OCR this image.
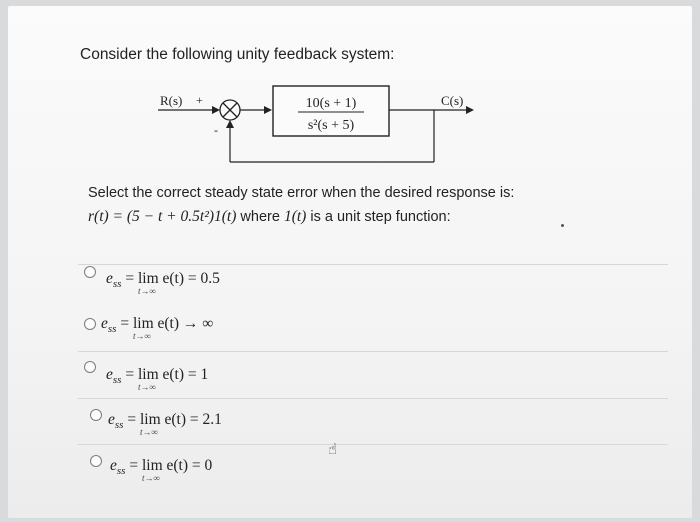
Consider the following unity feedback system:
R(s) +
-
10(s + 1)
s²(s + 5)
C(s)
Select the correct steady state error when the desired response is:
r(t) = (5 − t + 0.5t²)1(t) where 1(t) is a unit step function:
$e_{ss} = \lim$
t→∞
e(t) = 0.5
$e_{ss} = \lim$
t→∞
e(t) → ∞
$e_{ss} = \lim$
t→∞
e(t) = 1
$e_{ss} = \lim$
t→∞
e(t) = 2.1
$e_{ss} = \lim$
t→∞
e(t) = 0
☝
